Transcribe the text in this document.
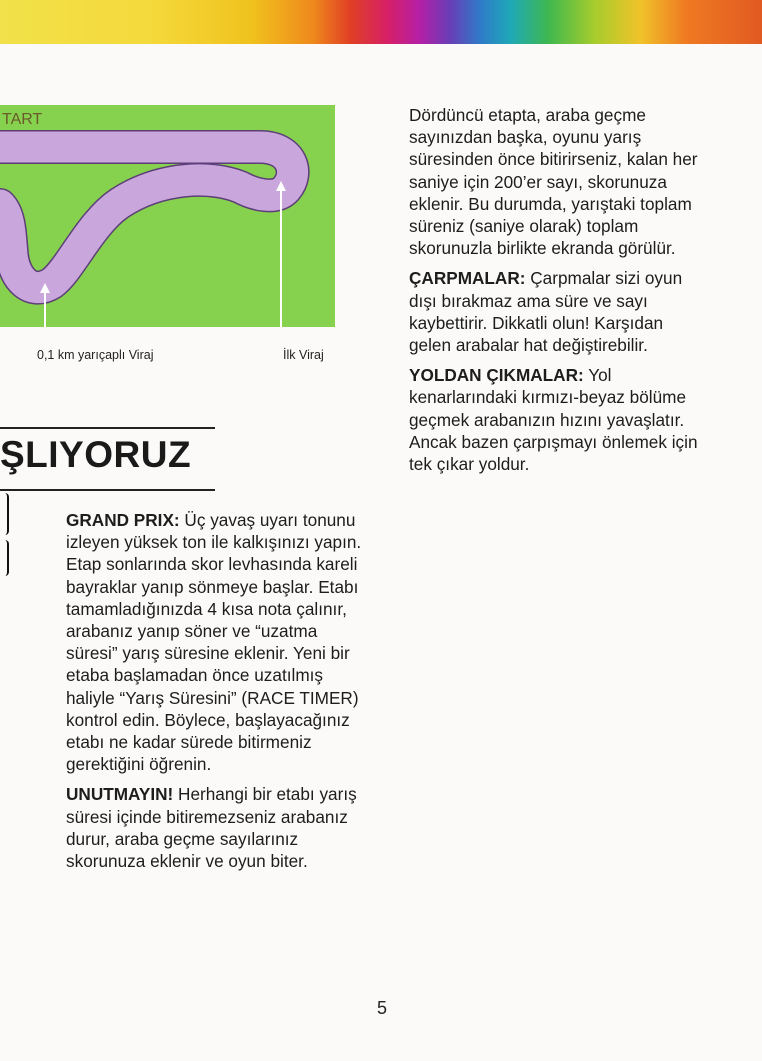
TART
0,1 km yarıçaplı Viraj	İlk Viraj
ŞLIYORUZ

GRAND PRIX: Üç yavaş uyarı tonunu izleyen yüksek ton ile kalkışınızı yapın. Etap sonlarında skor levhasında kareli bayraklar yanıp sönmeye başlar. Etabı tamamladığınızda 4 kısa nota çalınır, arabanız yanıp söner ve “uzatma süresi” yarış süresine eklenir. Yeni bir etaba başlamadan önce uzatılmış haliyle “Yarış Süresini” (RACE TIMER) kontrol edin. Böylece, başlayacağınız etabı ne kadar sürede bitirmeniz gerektiğini öğrenin.

UNUTMAYIN! Herhangi bir etabı yarış süresi içinde bitiremezseniz arabanız durur, araba geçme sayılarınız skorunuza eklenir ve oyun biter.

Dördüncü etapta, araba geçme sayınızdan başka, oyunu yarış süresinden önce bitirirseniz, kalan her saniye için 200’er sayı, skorunuza eklenir. Bu durumda, yarıştaki toplam süreniz (saniye olarak) toplam skorunuzla birlikte ekranda görülür.

ÇARPMALAR: Çarpmalar sizi oyun dışı bırakmaz ama süre ve sayı kaybettirir. Dikkatli olun! Karşıdan gelen arabalar hat değiştirebilir.

YOLDAN ÇIKMALAR: Yol kenarlarındaki kırmızı-beyaz bölüme geçmek arabanızın hızını yavaşlatır. Ancak bazen çarpışmayı önlemek için tek çıkar yoldur.

5
